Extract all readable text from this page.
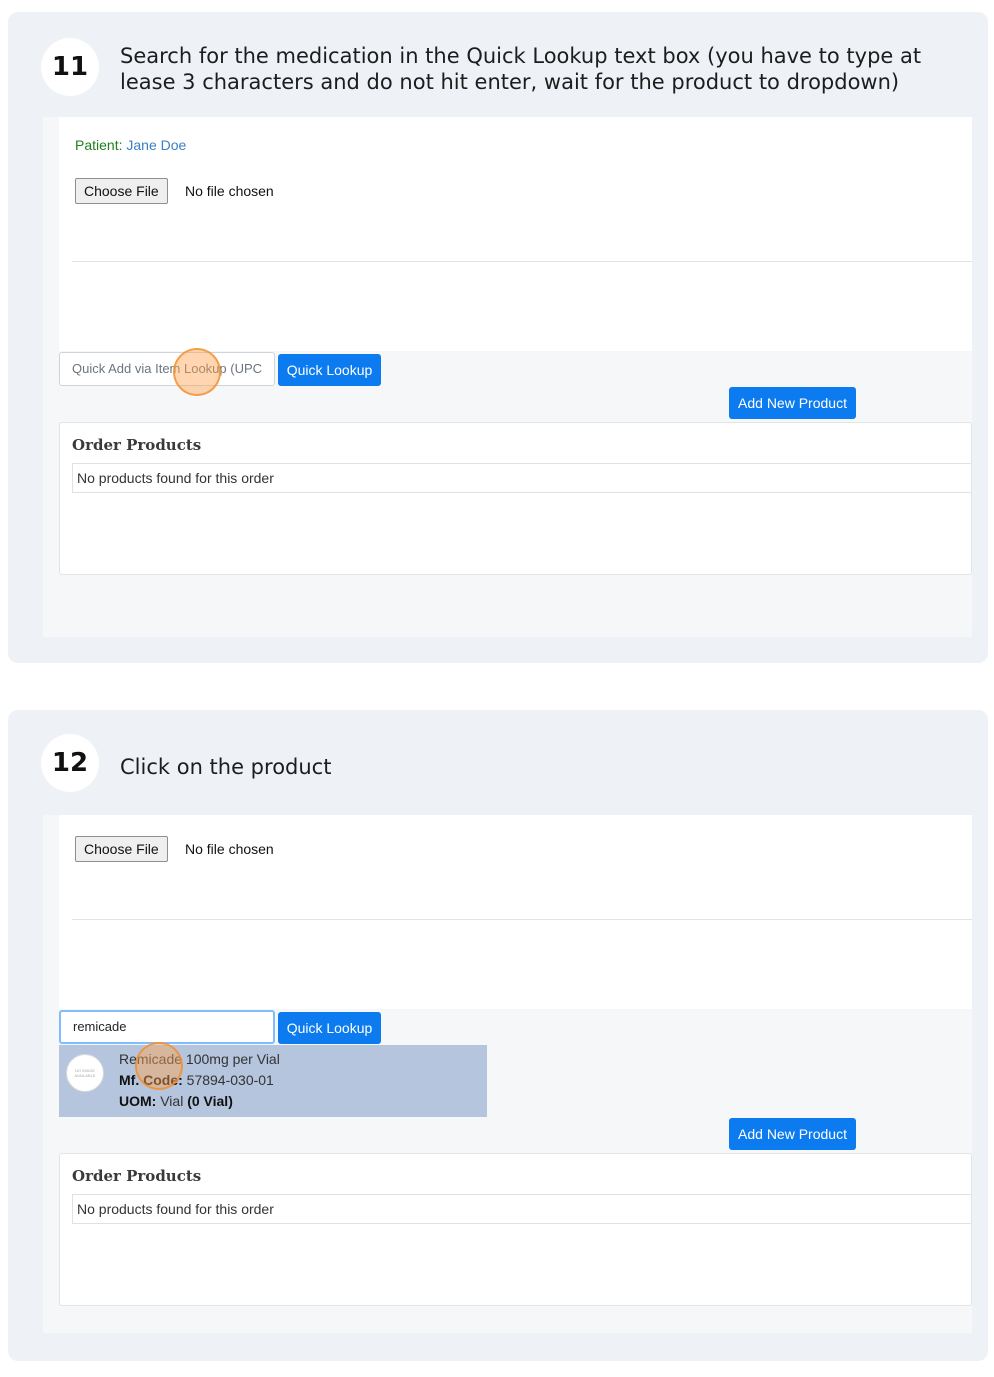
11	Search for the medication in the Quick Lookup text box (you have to type at lease 3 characters and do not hit enter, wait for the product to dropdown)
Patient: Jane Doe
Choose File	No file chosen
Quick Add via Item Lookup (UPC	Quick Lookup
Add New Product
Order Products
No products found for this order
12	Click on the product
Choose File	No file chosen
remicade	Quick Lookup
NO IMAGE AVAILABLE
Remicade 100mg per Vial
Mf. Code: 57894-030-01
UOM: Vial (0 Vial)
Add New Product
Order Products
No products found for this order
